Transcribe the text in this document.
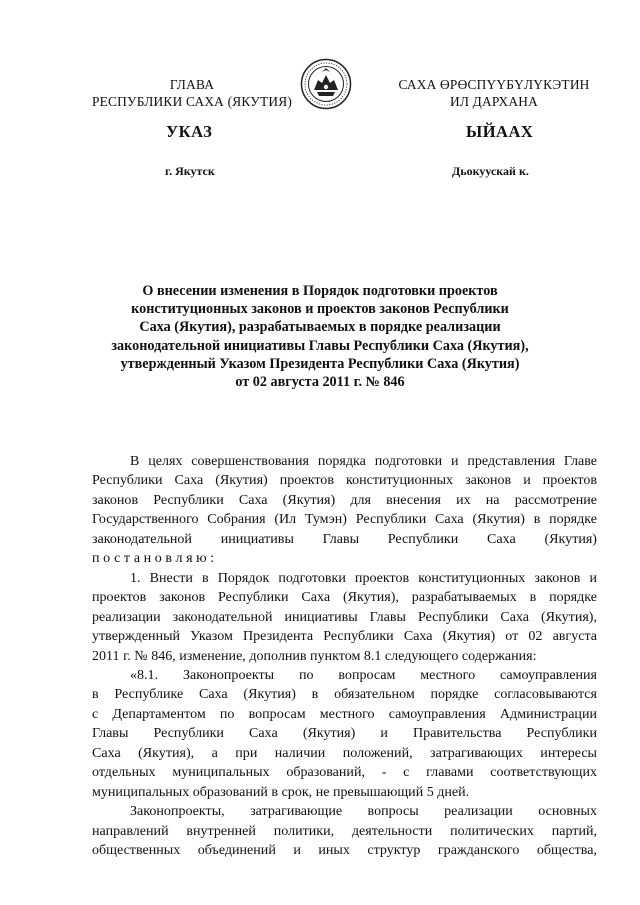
ГЛАВА
РЕСПУБЛИКИ САХА (ЯКУТИЯ)
САХА ӨРӨСПҮҮБҮЛҮКЭТИН
ИЛ ДАРХАНА
УКАЗ	ЫЙААХ
г. Якутск	Дьокуускай к.
О внесении изменения в Порядок подготовки проектов
конституционных законов и проектов законов Республики
Саха (Якутия), разрабатываемых в порядке реализации
законодательной инициативы Главы Республики Саха (Якутия),
утвержденный Указом Президента Республики Саха (Якутия)
от 02 августа 2011 г. № 846
В целях совершенствования порядка подготовки и представления Главе
Республики Саха (Якутия) проектов конституционных законов и проектов
законов Республики Саха (Якутия) для внесения их на рассмотрение
Государственного Собрания (Ил Тумэн) Республики Саха (Якутия) в порядке
законодательной инициативы Главы Республики Саха (Якутия)
постановляю:
1. Внести в Порядок подготовки проектов конституционных законов и
проектов законов Республики Саха (Якутия), разрабатываемых в порядке
реализации законодательной инициативы Главы Республики Саха (Якутия),
утвержденный Указом Президента Республики Саха (Якутия) от 02 августа
2011 г. № 846, изменение, дополнив пунктом 8.1 следующего содержания:
«8.1. Законопроекты по вопросам местного самоуправления
в Республике Саха (Якутия) в обязательном порядке согласовываются
с Департаментом по вопросам местного самоуправления Администрации
Главы Республики Саха (Якутия) и Правительства Республики
Саха (Якутия), а при наличии положений, затрагивающих интересы
отдельных муниципальных образований, - с главами соответствующих
муниципальных образований в срок, не превышающий 5 дней.
Законопроекты, затрагивающие вопросы реализации основных
направлений внутренней политики, деятельности политических партий,
общественных объединений и иных структур гражданского общества,
